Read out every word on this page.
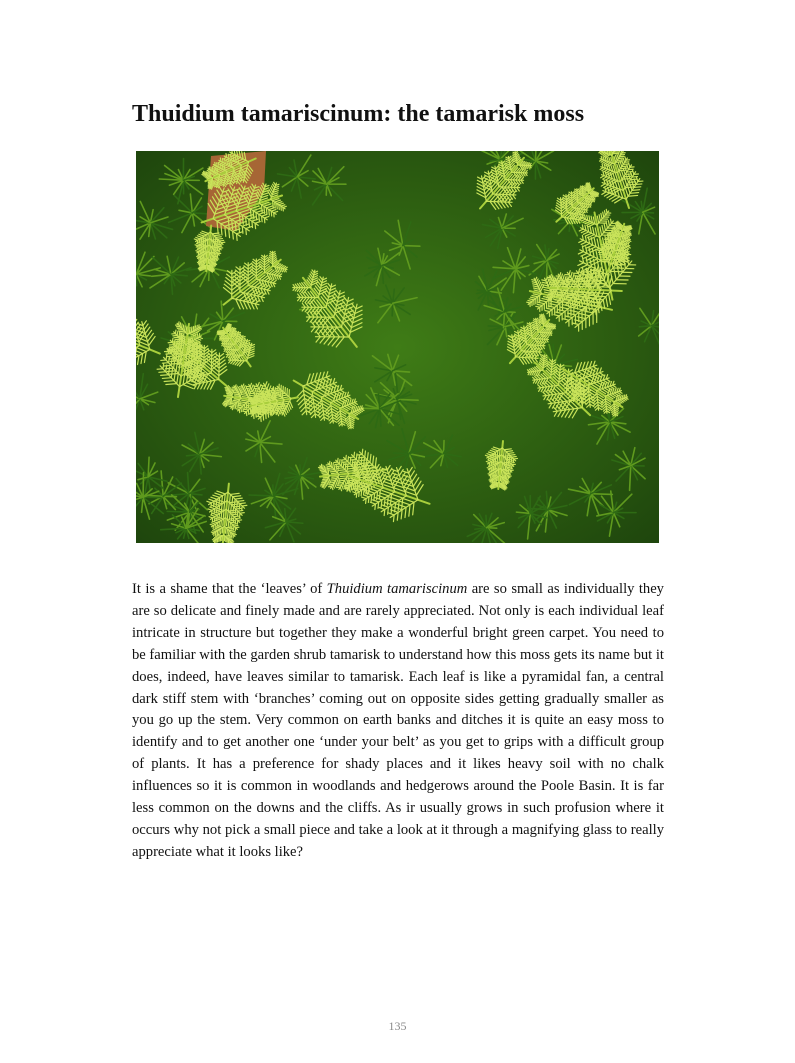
Thuidium tamariscinum: the tamarisk moss

It is a shame that the ‘leaves’ of Thuidium tamariscinum are so small as individually they are so delicate and finely made and are rarely appreciated. Not only is each individual leaf intricate in structure but together they make a wonderful bright green carpet. You need to be familiar with the garden shrub tamarisk to understand how this moss gets its name but it does, indeed, have leaves similar to tamarisk. Each leaf is like a pyramidal fan, a central dark stiff stem with ‘branches’ coming out on opposite sides getting gradually smaller as you go up the stem. Very common on earth banks and ditches it is quite an easy moss to identify and to get another one ‘under your belt’ as you get to grips with a difficult group of plants. It has a preference for shady places and it likes heavy soil with no chalk influences so it is common in woodlands and hedgerows around the Poole Basin. It is far less common on the downs and the cliffs. As ir usually grows in such profusion where it occurs why not pick a small piece and take a look at it through a magnifying glass to really appreciate what it looks like?

135
